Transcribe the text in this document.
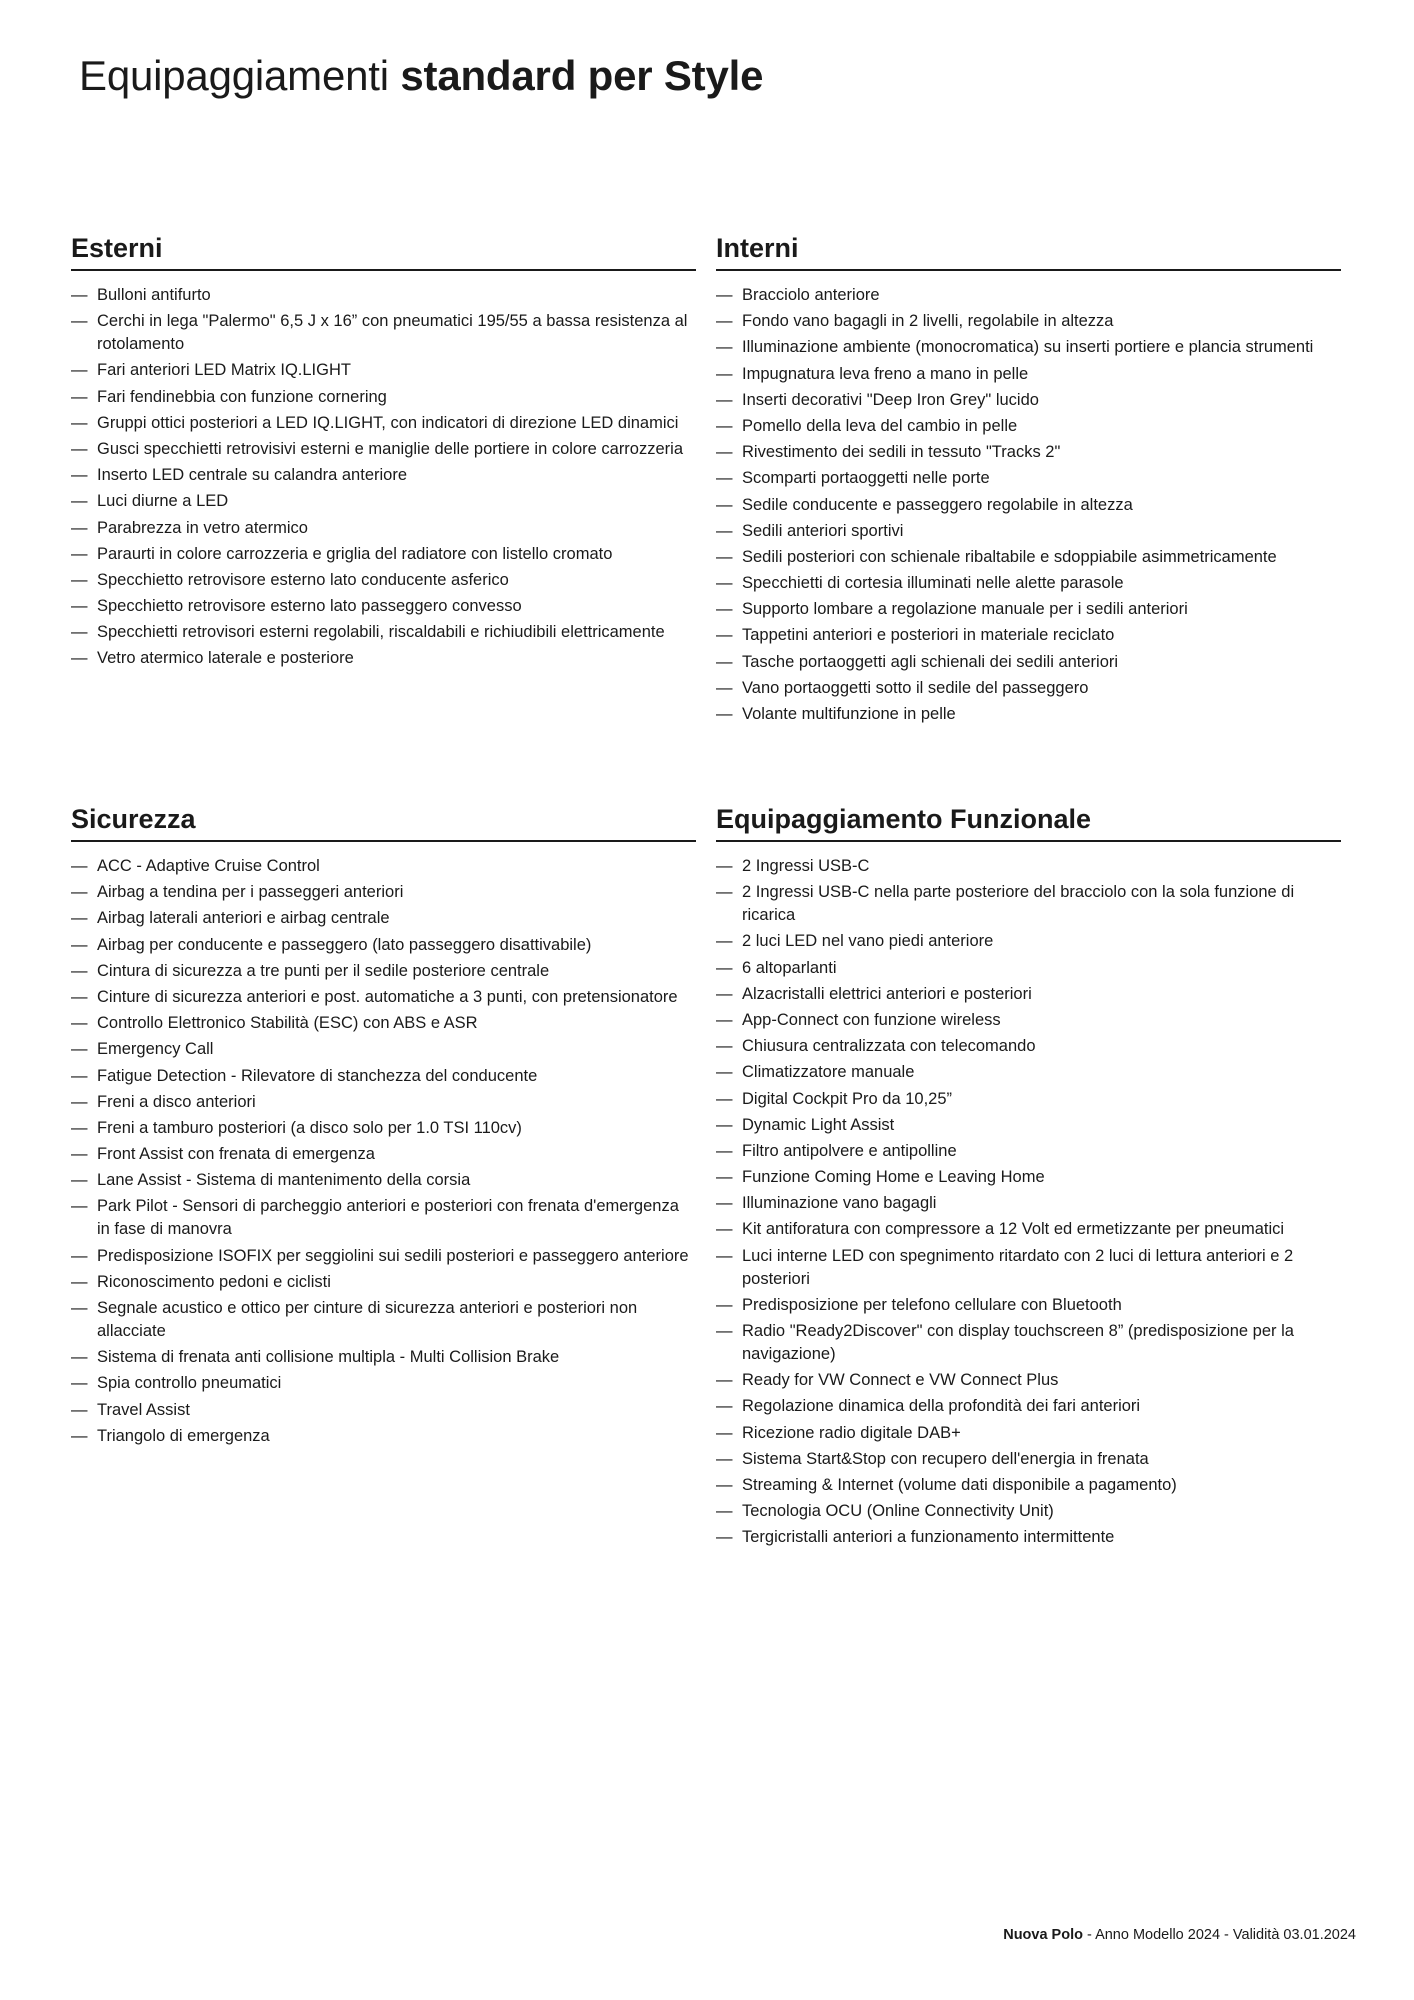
Equipaggiamenti standard per Style
Esterni
— Bulloni antifurto
— Cerchi in lega "Palermo" 6,5 J x 16” con pneumatici 195/55 a bassa resistenza al rotolamento
— Fari anteriori LED Matrix IQ.LIGHT
— Fari fendinebbia con funzione cornering
— Gruppi ottici posteriori a LED IQ.LIGHT, con indicatori di direzione LED dinamici
— Gusci specchietti retrovisivi esterni e maniglie delle portiere in colore carrozzeria
— Inserto LED centrale su calandra anteriore
— Luci diurne a LED
— Parabrezza in vetro atermico
— Paraurti in colore carrozzeria e griglia del radiatore con listello cromato
— Specchietto retrovisore esterno lato conducente asferico
— Specchietto retrovisore esterno lato passeggero convesso
— Specchietti retrovisori esterni regolabili, riscaldabili e richiudibili elettricamente
— Vetro atermico laterale e posteriore
Interni
— Bracciolo anteriore
— Fondo vano bagagli in 2 livelli, regolabile in altezza
— Illuminazione ambiente (monocromatica) su inserti portiere e plancia strumenti
— Impugnatura leva freno a mano in pelle
— Inserti decorativi "Deep Iron Grey" lucido
— Pomello della leva del cambio in pelle
— Rivestimento dei sedili in tessuto "Tracks 2"
— Scomparti portaoggetti nelle porte
— Sedile conducente e passeggero regolabile in altezza
— Sedili anteriori sportivi
— Sedili posteriori con schienale ribaltabile e sdoppiabile asimmetricamente
— Specchietti di cortesia illuminati nelle alette parasole
— Supporto lombare a regolazione manuale per i sedili anteriori
— Tappetini anteriori e posteriori in materiale reciclato
— Tasche portaoggetti agli schienali dei sedili anteriori
— Vano portaoggetti sotto il sedile del passeggero
— Volante multifunzione in pelle
Sicurezza
— ACC - Adaptive Cruise Control
— Airbag a tendina per i passeggeri anteriori
— Airbag laterali anteriori e airbag centrale
— Airbag per conducente e passeggero (lato passeggero disattivabile)
— Cintura di sicurezza a tre punti per il sedile posteriore centrale
— Cinture di sicurezza anteriori e post. automatiche a 3 punti, con pretensionatore
— Controllo Elettronico Stabilità (ESC) con ABS e ASR
— Emergency Call
— Fatigue Detection - Rilevatore di stanchezza del conducente
— Freni a disco anteriori
— Freni a tamburo posteriori (a disco solo per 1.0 TSI 110cv)
— Front Assist con frenata di emergenza
— Lane Assist - Sistema di mantenimento della corsia
— Park Pilot - Sensori di parcheggio anteriori e posteriori con frenata d'emergenza in fase di manovra
— Predisposizione ISOFIX per seggiolini sui sedili posteriori e passeggero anteriore
— Riconoscimento pedoni e ciclisti
— Segnale acustico e ottico per cinture di sicurezza anteriori e posteriori non allacciate
— Sistema di frenata anti collisione multipla - Multi Collision Brake
— Spia controllo pneumatici
— Travel Assist
— Triangolo di emergenza
Equipaggiamento Funzionale
— 2 Ingressi USB-C
— 2 Ingressi USB-C nella parte posteriore del bracciolo con la sola funzione di ricarica
— 2 luci LED nel vano piedi anteriore
— 6 altoparlanti
— Alzacristalli elettrici anteriori e posteriori
— App-Connect con funzione wireless
— Chiusura centralizzata con telecomando
— Climatizzatore manuale
— Digital Cockpit Pro da 10,25”
— Dynamic Light Assist
— Filtro antipolvere e antipolline
— Funzione Coming Home e Leaving Home
— Illuminazione vano bagagli
— Kit antiforatura con compressore a 12 Volt ed ermetizzante per pneumatici
— Luci interne LED con spegnimento ritardato con 2 luci di lettura anteriori e 2 posteriori
— Predisposizione per telefono cellulare con Bluetooth
— Radio "Ready2Discover" con display touchscreen 8” (predisposizione per la navigazione)
— Ready for VW Connect e VW Connect Plus
— Regolazione dinamica della profondità dei fari anteriori
— Ricezione radio digitale DAB+
— Sistema Start&Stop con recupero dell'energia in frenata
— Streaming & Internet (volume dati disponibile a pagamento)
— Tecnologia OCU (Online Connectivity Unit)
— Tergicristalli anteriori a funzionamento intermittente
Nuova Polo - Anno Modello 2024 - Validità 03.01.2024
